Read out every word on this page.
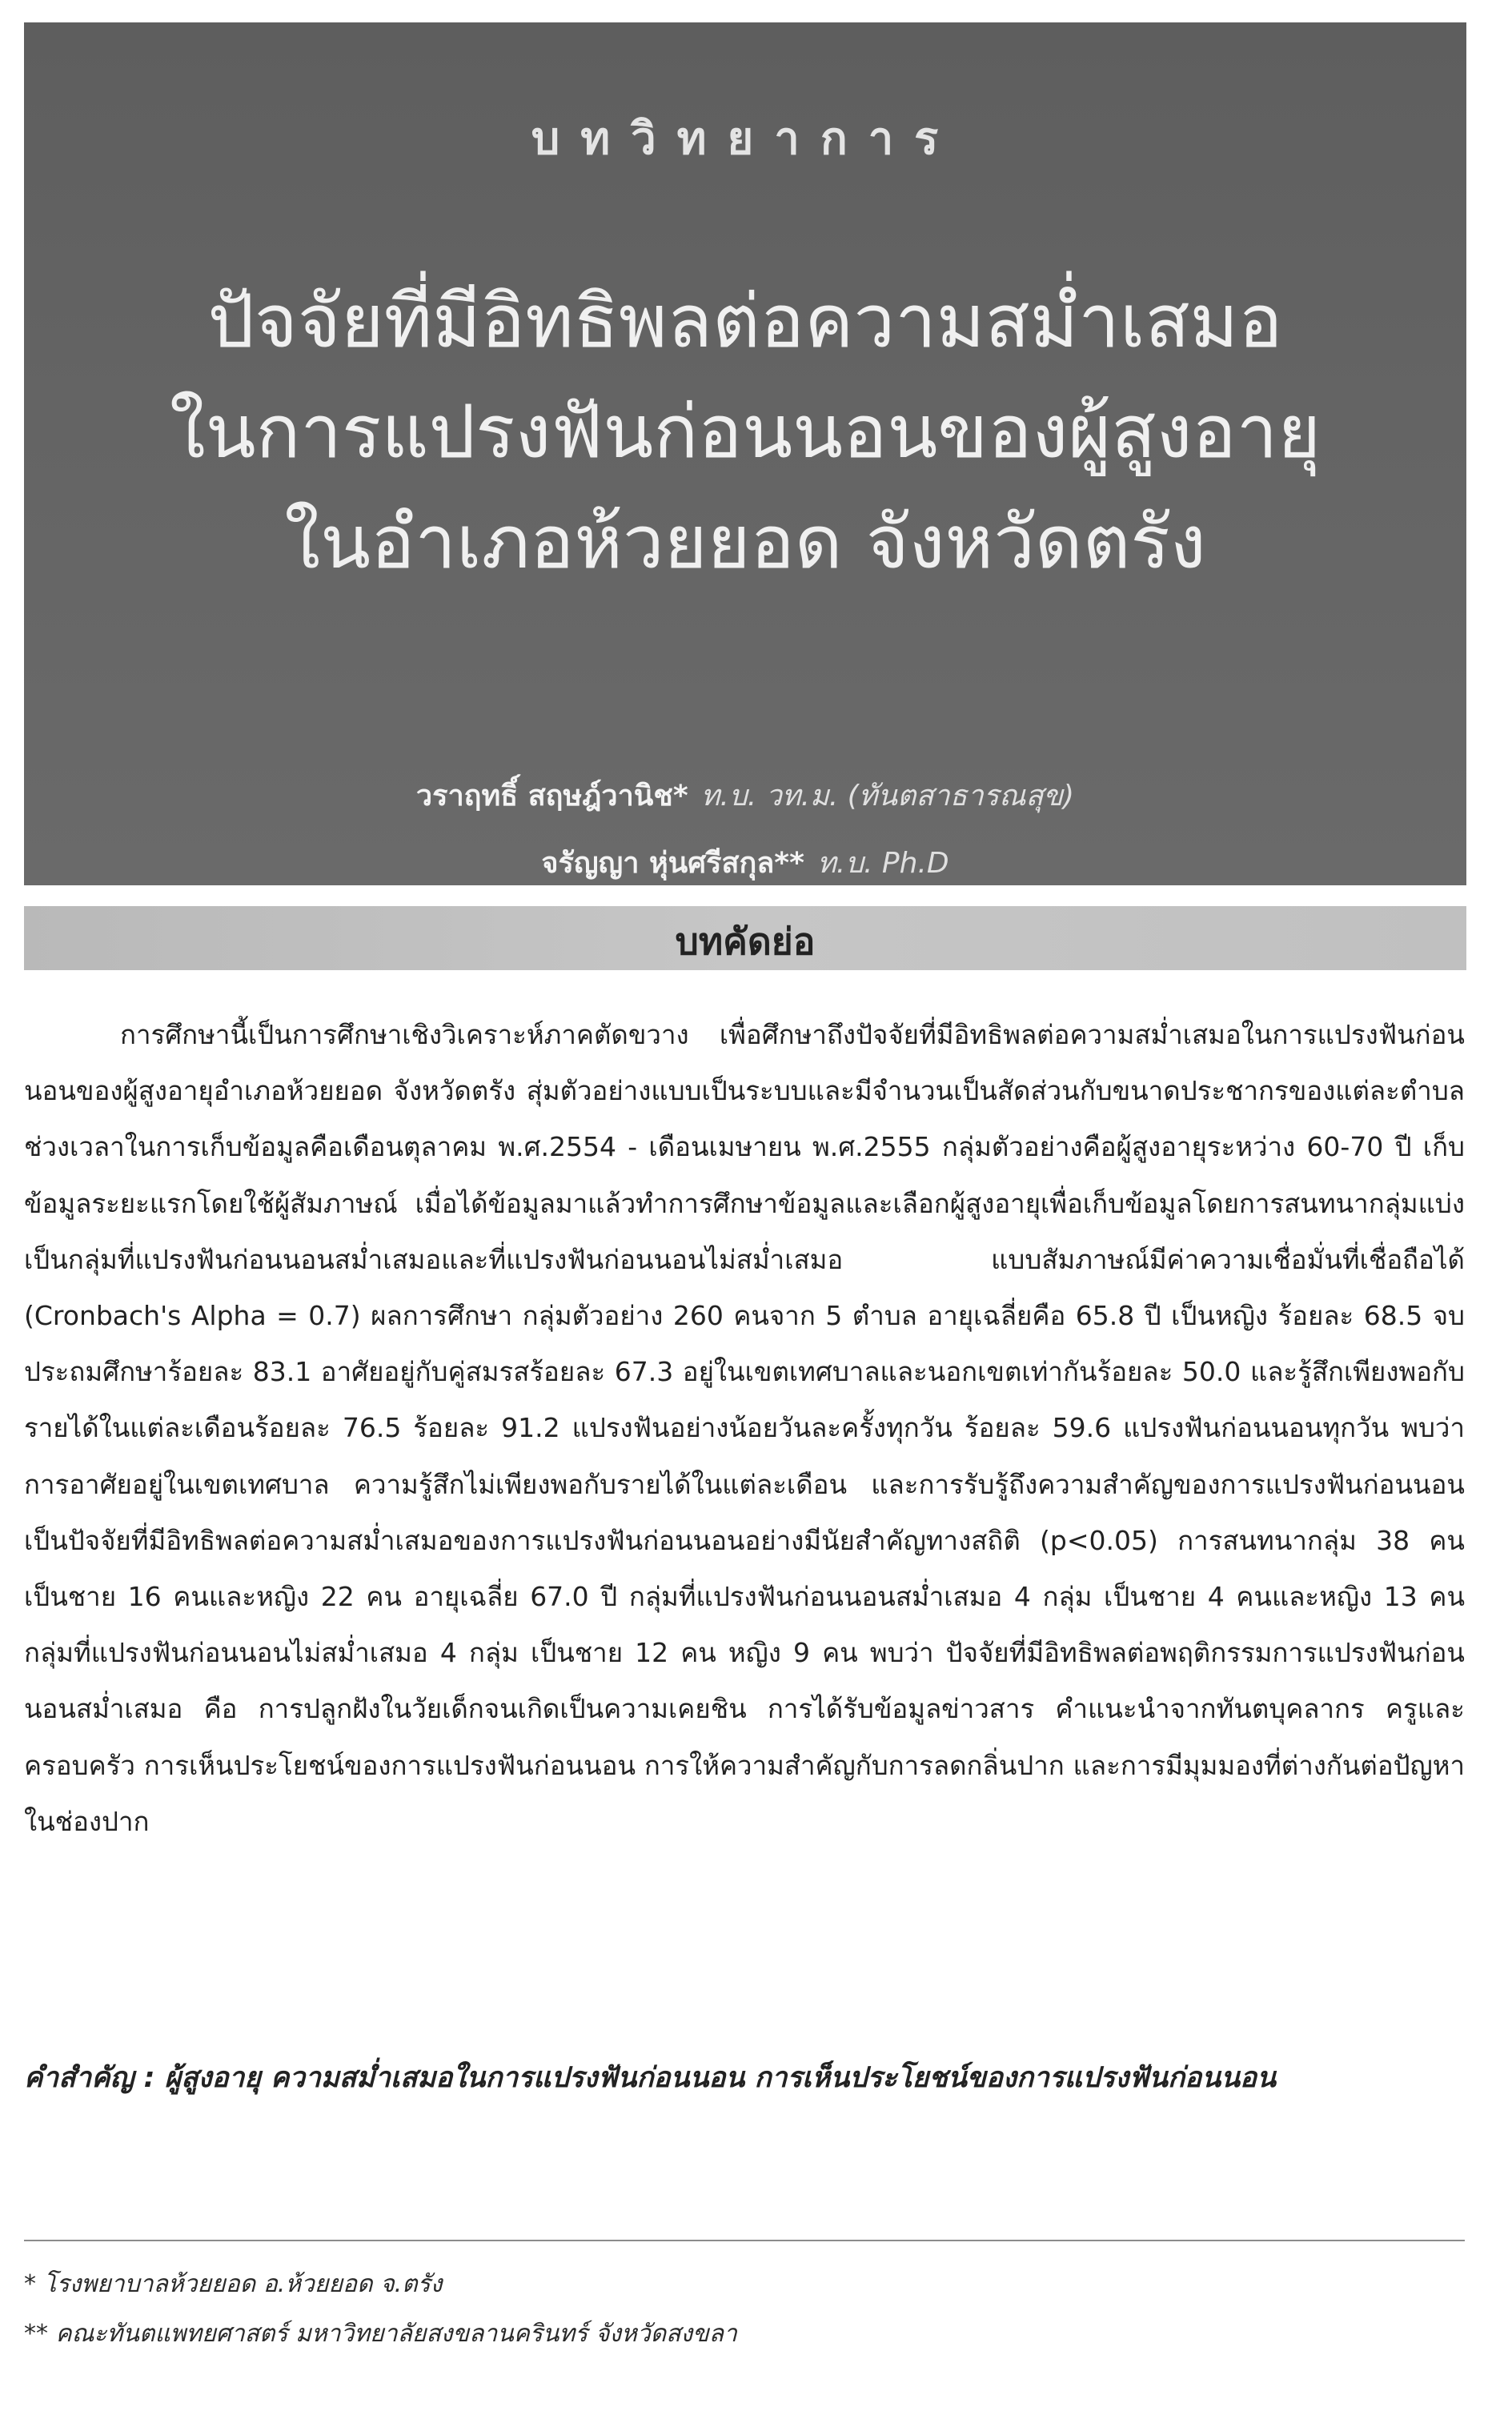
บทวิทยาการ
ปัจจัยที่มีอิทธิพลต่อความสม่ำเสมอ
ในการแปรงฟันก่อนนอนของผู้สูงอายุ
ในอำเภอห้วยยอด จังหวัดตรัง
วราฤทธิ์ สฤษฎ์วานิช* ท.บ. วท.ม. (ทันตสาธารณสุข)
จรัญญา หุ่นศรีสกุล** ท.บ. Ph.D
บทคัดย่อ

การศึกษานี้เป็นการศึกษาเชิงวิเคราะห์ภาคตัดขวาง เพื่อศึกษาถึงปัจจัยที่มีอิทธิพลต่อความสม่ำเสมอในการแปรงฟันก่อนนอนของผู้สูงอายุอำเภอห้วยยอด จังหวัดตรัง สุ่มตัวอย่างแบบเป็นระบบและมีจำนวนเป็นสัดส่วนกับขนาดประชากรของแต่ละตำบล ช่วงเวลาในการเก็บข้อมูลคือเดือนตุลาคม พ.ศ.2554 - เดือนเมษายน พ.ศ.2555 กลุ่มตัวอย่างคือผู้สูงอายุระหว่าง 60-70 ปี เก็บข้อมูลระยะแรกโดยใช้ผู้สัมภาษณ์ เมื่อได้ข้อมูลมาแล้วทำการศึกษาข้อมูลและเลือกผู้สูงอายุเพื่อเก็บข้อมูลโดยการสนทนากลุ่มแบ่งเป็นกลุ่มที่แปรงฟันก่อนนอนสม่ำเสมอและที่แปรงฟันก่อนนอนไม่สม่ำเสมอ แบบสัมภาษณ์มีค่าความเชื่อมั่นที่เชื่อถือได้ (Cronbach's Alpha = 0.7) ผลการศึกษา กลุ่มตัวอย่าง 260 คนจาก 5 ตำบล อายุเฉลี่ยคือ 65.8 ปี เป็นหญิง ร้อยละ 68.5 จบประถมศึกษาร้อยละ 83.1 อาศัยอยู่กับคู่สมรสร้อยละ 67.3 อยู่ในเขตเทศบาลและนอกเขตเท่ากันร้อยละ 50.0 และรู้สึกเพียงพอกับรายได้ในแต่ละเดือนร้อยละ 76.5 ร้อยละ 91.2 แปรงฟันอย่างน้อยวันละครั้งทุกวัน ร้อยละ 59.6 แปรงฟันก่อนนอนทุกวัน พบว่า การอาศัยอยู่ในเขตเทศบาล ความรู้สึกไม่เพียงพอกับรายได้ในแต่ละเดือน และการรับรู้ถึงความสำคัญของการแปรงฟันก่อนนอน เป็นปัจจัยที่มีอิทธิพลต่อความสม่ำเสมอของการแปรงฟันก่อนนอนอย่างมีนัยสำคัญทางสถิติ (p<0.05) การสนทนากลุ่ม 38 คน เป็นชาย 16 คนและหญิง 22 คน อายุเฉลี่ย 67.0 ปี กลุ่มที่แปรงฟันก่อนนอนสม่ำเสมอ 4 กลุ่ม เป็นชาย 4 คนและหญิง 13 คน กลุ่มที่แปรงฟันก่อนนอนไม่สม่ำเสมอ 4 กลุ่ม เป็นชาย 12 คน หญิง 9 คน พบว่า ปัจจัยที่มีอิทธิพลต่อพฤติกรรมการแปรงฟันก่อนนอนสม่ำเสมอ คือ การปลูกฝังในวัยเด็กจนเกิดเป็นความเคยชิน การได้รับข้อมูลข่าวสาร คำแนะนำจากทันตบุคลากร ครูและครอบครัว การเห็นประโยชน์ของการแปรงฟันก่อนนอน การให้ความสำคัญกับการลดกลิ่นปาก และการมีมุมมองที่ต่างกันต่อปัญหาในช่องปาก

คำสำคัญ : ผู้สูงอายุ ความสม่ำเสมอในการแปรงฟันก่อนนอน การเห็นประโยชน์ของการแปรงฟันก่อนนอน

* โรงพยาบาลห้วยยอด อ.ห้วยยอด จ.ตรัง
** คณะทันตแพทยศาสตร์ มหาวิทยาลัยสงขลานครินทร์ จังหวัดสงขลา
